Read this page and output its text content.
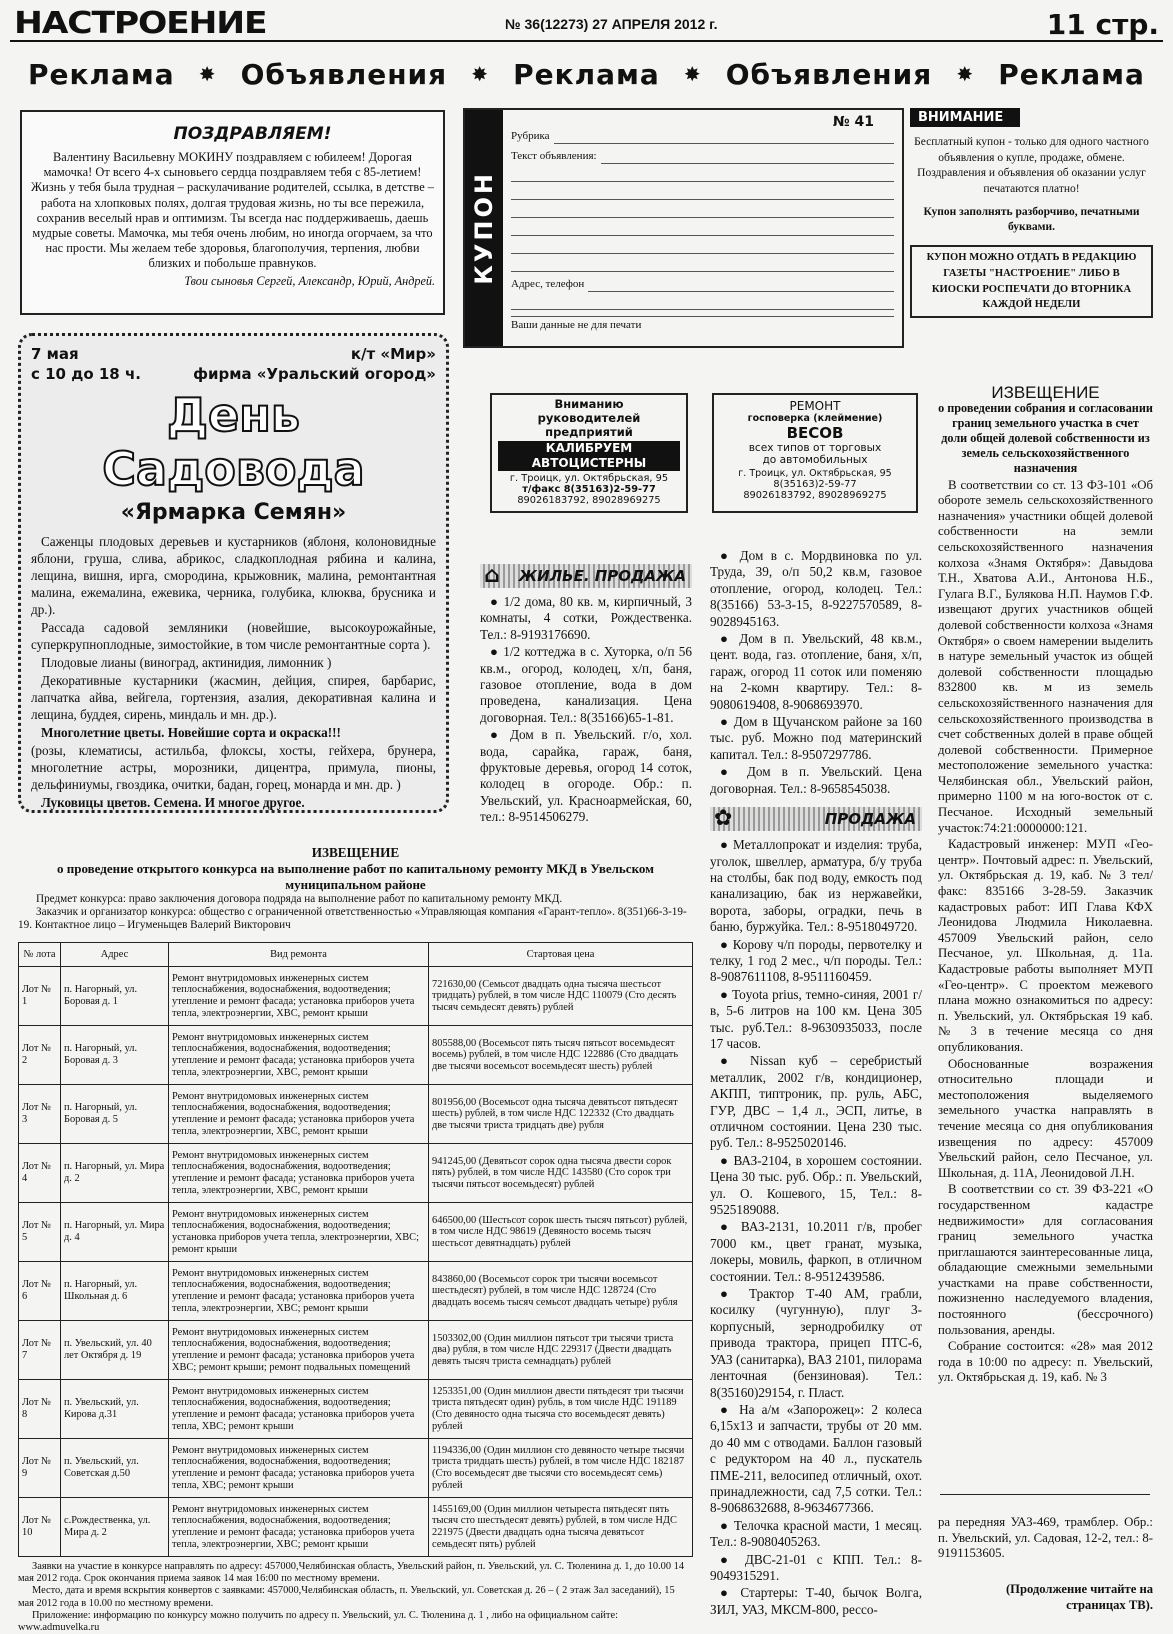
НАСТРОЕНИЕ	№ 36(12273) 27 АПРЕЛЯ 2012 г.	11 стр.
Реклама ✸ Объявления ✸ Реклама ✸ Объявления ✸ Реклама
ПОЗДРАВЛЯЕМ!
Валентину Васильевну МОКИНУ поздравляем с юбилеем! Дорогая мамочка! От всего 4-х сыновьего сердца поздравляем тебя с 85-летием! Жизнь у тебя была трудная – раскулачивание родителей, ссылка, в детстве – работа на хлопковых полях, долгая трудовая жизнь, но ты все пережила, сохранив веселый нрав и оптимизм. Ты всегда нас поддерживаешь, даешь мудрые советы. Мамочка, мы тебя очень любим, но иногда огорчаем, за что нас прости. Мы желаем тебе здоровья, благополучия, терпения, любви близких и побольше правнуков.
Твои сыновья Сергей, Александр, Юрий, Андрей.
7 мая
с 10 до 18 ч.
к/т «Мир»
фирма «Уральский огород»
День Садовода
«Ярмарка Семян»

Саженцы плодовых деревьев и кустарников (яблоня, колоновидные яблони, груша, слива, абрикос, сладкоплодная рябина и калина, лещина, вишня, ирга, смородина, крыжовник, малина, ремонтантная малина, ежемалина, ежевика, черника, голубика, клюква, брусника и др.).

Рассада садовой земляники (новейшие, высокоурожайные, суперкрупноплодные, зимостойкие, в том числе ремонтантные сорта ).

Плодовые лианы (виноград, актинидия, лимонник )

Декоративные кустарники (жасмин, дейция, спирея, барбарис, лапчатка айва, вейгела, гортензия, азалия, декоративная калина и лещина, буддея, сирень, миндаль и мн. др.).

Многолетние цветы. Новейшие сорта и окраска!!!

(розы, клематисы, астильба, флоксы, хосты, гейхера, брунера, многолетние астры, морозники, дицентра, примула, пионы, дельфиниумы, гвоздика, очитки, бадан, горец, монарда и мн. др. )

Луковицы цветов. Семена. И многое другое.

КУПОН
№ 41
Рубрика
Текст объявления:
Адрес, телефон
Ваши данные не для печати
ВНИМАНИЕ
Бесплатный купон - только для одного частного объявления о купле, продаже, обмене. Поздравления и объявления об оказании услуг печатаются платно!
Купон заполнять разборчиво, печатными буквами.
КУПОН МОЖНО ОТДАТЬ В РЕДАКЦИЮ ГАЗЕТЫ "НАСТРОЕНИЕ" ЛИБО В КИОСКИ РОСПЕЧАТИ ДО ВТОРНИКА КАЖДОЙ НЕДЕЛИ
Вниманию
руководителей
предприятий
КАЛИБРУЕМ
АВТОЦИСТЕРНЫ
г. Троицк, ул. Октябрьская, 95
т/факс 8(35163)2-59-77
89026183792, 89028969275
РЕМОНТ
госповерка (клеймение)
ВЕСОВ
всех типов от торговых до автомобильных
г. Троицк, ул. Октябрьская, 95
8(35163)2-59-77
89026183792, 89028969275
⌂ ЖИЛЬЕ. ПРОДАЖА

● 1/2 дома, 80 кв. м, кирпичный, 3 комнаты, 4 сотки, Рождественка. Тел.: 8-9193176690.

● 1/2 коттеджа в с. Хуторка, о/п 56 кв.м., огород, колодец, х/п, баня, газовое отопление, вода в дом проведена, канализация. Цена договорная. Тел.: 8(35166)65-1-81.

● Дом в п. Увельский. г/о, хол. вода, сарайка, гараж, баня, фруктовые деревья, огород 14 соток, колодец в огороде. Обр.: п. Увельский, ул. Красноармейская, 60, тел.: 8-9514506279.

● Дом в с. Мордвиновка по ул. Труда, 39, о/п 50,2 кв.м, газовое отопление, огород, колодец. Тел.: 8(35166) 53-3-15, 8-9227570589, 8-9028945163.

● Дом в п. Увельский, 48 кв.м., цент. вода, газ. отопление, баня, х/п, гараж, огород 11 соток или поменяю на 2-комн квартиру. Тел.: 8-9080619408, 8-9068693970.

● Дом в Щучанском районе за 160 тыс. руб. Можно под материнский капитал. Тел.: 8-9507297786.

● Дом в п. Увельский. Цена договорная. Тел.: 8-9658545038.

✿	ПРОДАЖА

● Металлопрокат и изделия: труба, уголок, швеллер, арматура, б/у труба на столбы, бак под воду, емкость под канализацию, бак из нержавейки, ворота, заборы, оградки, печь в баню, буржуйка. Тел.: 8-9518049720.

● Корову ч/п породы, первотелку и телку, 1 год 2 мес., ч/п породы. Тел.: 8-9087611108, 8-9511160459.

● Toyota prius, темно-синяя, 2001 г/в, 5-6 литров на 100 км. Цена 305 тыс. руб.Тел.: 8-9630935033, после 17 часов.

● Nissan куб – серебристый металлик, 2002 г/в, кондиционер, АКПП, типтроник, пр. руль, АБС, ГУР, ДВС – 1,4 л., ЭСП, литье, в отличном состоянии. Цена 230 тыс. руб. Тел.: 8-9525020146.

● ВАЗ-2104, в хорошем состоянии. Цена 30 тыс. руб. Обр.: п. Увельский, ул. О. Кошевого, 15, Тел.: 8-9525189088.

● ВАЗ-2131, 10.2011 г/в, пробег 7000 км., цвет гранат, музыка, локеры, мовиль, фаркоп, в отличном состоянии. Тел.: 8-9512439586.

● Трактор Т-40 АМ, грабли, косилку (чугунную), плуг 3-корпусный, зернодробилку от привода трактора, прицеп ПТС-6, УАЗ (санитарка), ВАЗ 2101, пилорама ленточная (бензиновая). Тел.: 8(35160)29154, г. Пласт.

● На а/м «Запорожец»: 2 колеса 6,15х13 и запчасти, трубы от 20 мм. до 40 мм с отводами. Баллон газовый с редуктором на 40 л., пускатель ПМЕ-211, велосипед отличный, охот. принадлежности, сад 7,5 сотки. Тел.: 8-9068632688, 8-9634677366.

● Телочка красной масти, 1 месяц. Тел.: 8-9080405263.

● ДВС-21-01 с КПП. Тел.: 8-9049315291.

● Стартеры: Т-40, бычок Волга, ЗИЛ, УАЗ, МКСМ-800, рессо-

ИЗВЕЩЕНИЕ
о проведении собрания и согласовании границ земельного участка в счет доли общей долевой собственности из земель сельскохозяйственного назначения

В соответствии со ст. 13 ФЗ-101 «Об обороте земель сельскохозяйственного назначения» участники общей долевой собственности на земли сельскохозяйственного назначения колхоза «Знамя Октября»: Давыдова Т.Н., Хватова А.И., Антонова Н.Б., Гулага В.Г., Булякова Н.П. Наумов Г.Ф. извещают других участников общей долевой собственности колхоза «Знамя Октября» о своем намерении выделить в натуре земельный участок из общей долевой собственности площадью 832800 кв. м из земель сельскохозяйственного назначения для сельскохозяйственного производства в счет собственных долей в праве общей долевой собственности. Примерное местоположение земельного участка: Челябинская обл., Увельский район, примерно 1100 м на юго-восток от с. Песчаное. Исходный земельный участок:74:21:0000000:121.

Кадастровый инженер: МУП «Гео-центр». Почтовый адрес: п. Увельский, ул. Октябрьская д. 19, каб. № 3 тел/факс: 835166 3-28-59. Заказчик кадастровых работ: ИП Глава КФХ Леонидова Людмила Николаевна. 457009 Увельский район, село Песчаное, ул. Школьная, д. 11а. Кадастровые работы выполняет МУП «Гео-центр». С проектом межевого плана можно ознакомиться по адресу: п. Увельский, ул. Октябрьская 19 каб. № 3 в течение месяца со дня опубликования.

Обоснованные возражения относительно площади и местоположения выделяемого земельного участка направлять в течение месяца со дня опубликования извещения по адресу: 457009 Увельский район, село Песчаное, ул. Школьная, д. 11А, Леонидовой Л.Н.

В соответствии со ст. 39 ФЗ-221 «О государственном кадастре недвижимости» для согласования границ земельного участка приглашаются заинтересованные лица, обладающие смежными земельными участками на праве собственности, пожизненно наследуемого владения, постоянного (бессрочного) пользования, аренды.

Собрание состоится: «28» мая 2012 года в 10:00 по адресу: п. Увельский, ул. Октябрьская д. 19, каб. № 3

ра передняя УАЗ-469, трамблер. Обр.: п. Увельский, ул. Садовая, 12-2, тел.: 8-9191153605.
(Продолжение читайте на страницах ТВ).
ИЗВЕЩЕНИЕ
о проведение открытого конкурса на выполнение работ по капитальному ремонту МКД в Увельском муниципальном районе
Предмет конкурса: право заключения договора подряда на выполнение работ по капитальному ремонту МКД.
Заказчик и организатор конкурса: общество с ограниченной ответственностью «Управляющая компания «Гарант-тепло». 8(351)66-3-19-19. Контактное лицо – Игуменьщев Валерий Викторович
№ лота	Адрес	Вид ремонта	Стартовая цена
Лот № 1	п. Нагорный, ул. Боровая д. 1	Ремонт внутридомовых инженерных систем теплоснабжения, водоснабжения, водоотведения; утепление и ремонт фасада; установка приборов учета тепла, электроэнергии, ХВС, ремонт крыши	721630,00 (Семьсот двадцать одна тысяча шестьсот тридцать) рублей, в том числе НДС 110079 (Сто десять тысяч семьдесят девять) рублей
Лот № 2	п. Нагорный, ул. Боровая д. 3	Ремонт внутридомовых инженерных систем теплоснабжения, водоснабжения, водоотведения; утепление и ремонт фасада; установка приборов учета тепла, электроэнергии, ХВС, ремонт крыши	805588,00 (Восемьсот пять тысяч пятьсот восемьдесят восемь) рублей, в том числе НДС 122886 (Сто двадцать две тысячи восемьсот восемьдесят шесть) рублей
Лот № 3	п. Нагорный, ул. Боровая д. 5	Ремонт внутридомовых инженерных систем теплоснабжения, водоснабжения, водоотведения; утепление и ремонт фасада; установка приборов учета тепла, электроэнергии, ХВС, ремонт крыши	801956,00 (Восемьсот одна тысяча девятьсот пятьдесят шесть) рублей, в том числе НДС 122332 (Сто двадцать две тысячи триста тридцать две) рубля
Лот № 4	п. Нагорный, ул. Мира д. 2	Ремонт внутридомовых инженерных систем теплоснабжения, водоснабжения, водоотведения; утепление и ремонт фасада; установка приборов учета тепла, электроэнергии, ХВС, ремонт крыши	941245,00 (Девятьсот сорок одна тысяча двести сорок пять) рублей, в том числе НДС 143580 (Сто сорок три тысячи пятьсот восемьдесят) рублей
Лот № 5	п. Нагорный, ул. Мира д. 4	Ремонт внутридомовых инженерных систем теплоснабжения, водоснабжения, водоотведения; установка приборов учета тепла, электроэнергии, ХВС; ремонт крыши	646500,00 (Шестьсот сорок шесть тысяч пятьсот) рублей, в том числе НДС 98619 (Девяносто восемь тысяч шестьсот девятнадцать) рублей
Лот № 6	п. Нагорный, ул. Школьная д. 6	Ремонт внутридомовых инженерных систем теплоснабжения, водоснабжения, водоотведения; утепление и ремонт фасада; установка приборов учета тепла, электроэнергии, ХВС; ремонт крыши	843860,00 (Восемьсот сорок три тысячи восемьсот шестьдесят) рублей, в том числе НДС 128724 (Сто двадцать восемь тысяч семьсот двадцать четыре) рубля
Лот № 7	п. Увельский, ул. 40 лет Октября д. 19	Ремонт внутридомовых инженерных систем теплоснабжения, водоснабжения, водоотведения; утепление и ремонт фасада; установка приборов учета ХВС; ремонт крыши; ремонт подвальных помещений	1503302,00 (Один миллион пятьсот три тысячи триста два) рубля, в том числе НДС 229317 (Двести двадцать девять тысяч триста семнадцать) рублей
Лот № 8	п. Увельский, ул. Кирова д.31	Ремонт внутридомовых инженерных систем теплоснабжения, водоснабжения, водоотведения; утепление и ремонт фасада; установка приборов учета тепла, ХВС; ремонт крыши	1253351,00 (Один миллион двести пятьдесят три тысячи триста пятьдесят один) рубль, в том числе НДС 191189 (Сто девяносто одна тысяча сто восемьдесят девять) рублей
Лот № 9	п. Увельский, ул. Советская д.50	Ремонт внутридомовых инженерных систем теплоснабжения, водоснабжения, водоотведения; утепление и ремонт фасада; установка приборов учета тепла, ХВС; ремонт крыши	1194336,00 (Один миллион сто девяносто четыре тысячи триста тридцать шесть) рублей, в том числе НДС 182187 (Сто восемьдесят две тысячи сто восемьдесят семь) рублей
Лот № 10	с.Рождественка, ул. Мира д. 2	Ремонт внутридомовых инженерных систем теплоснабжения, водоснабжения, водоотведения; утепление и ремонт фасада; установка приборов учета тепла, электроэнергии, ХВС; ремонт крыши	1455169,00 (Один миллион четыреста пятьдесят пять тысяч сто шестьдесят девять) рублей, в том числе НДС 221975 (Двести двадцать одна тысяча девятьсот семьдесят пять) рублей
Заявки на участие в конкурсе направлять по адресу: 457000,Челябинская область, Увельский район, п. Увельский, ул. С. Тюленина д. 1, до 10.00 14 мая 2012 года. Срок окончания приема заявок 14 мая 16:00 по местному времени.
Место, дата и время вскрытия конвертов с заявками: 457000,Челябинская область, п. Увельский, ул. Советская д. 26 – ( 2 этаж Зал заседаний), 15 мая 2012 года в 10.00 по местному времени.
Приложение: информацию по конкурсу можно получить по адресу п. Увельский, ул. С. Тюленина д. 1 , либо на официальном сайте: www.admuvelka.ru
